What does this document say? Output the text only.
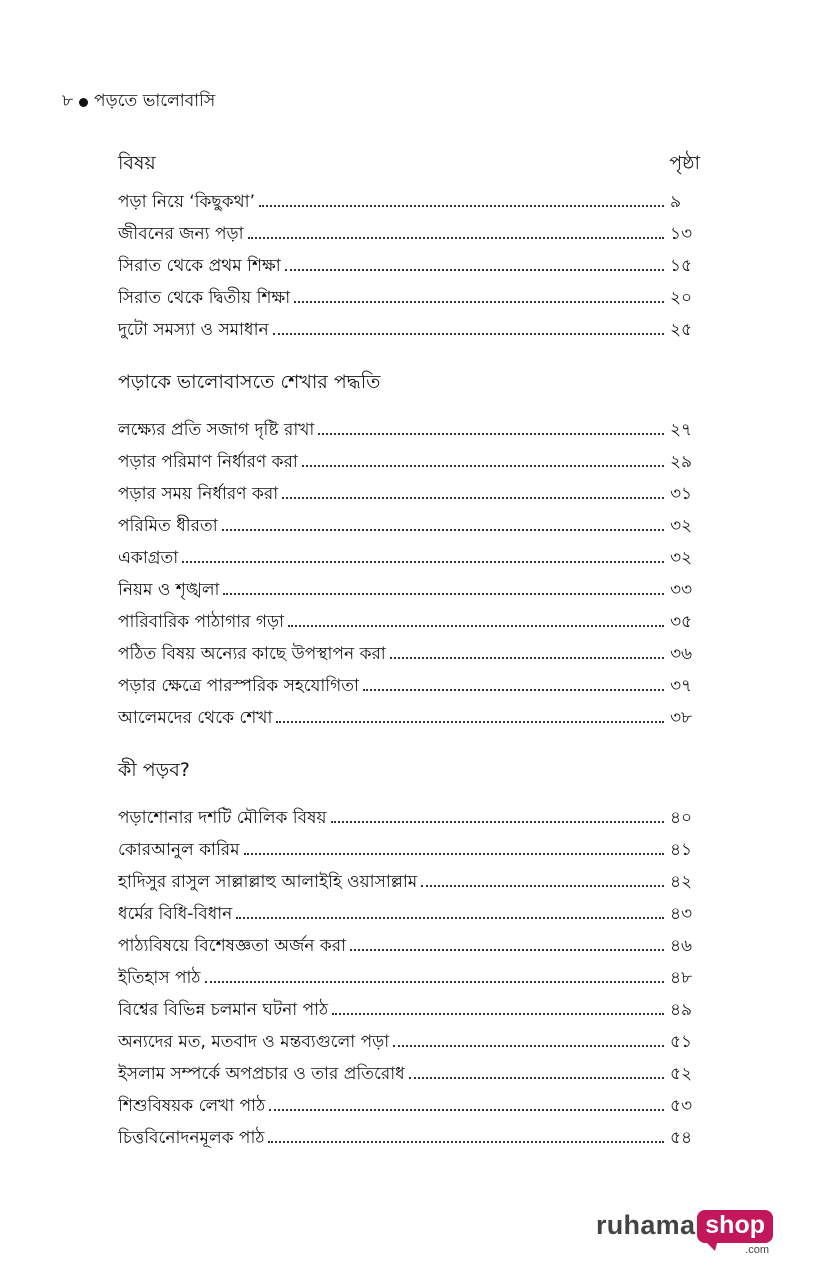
৮ পড়তে ভালোবাসি
বিষয়	পৃষ্ঠা
পড়া নিয়ে ‘কিছুকথা’	৯
জীবনের জন্য পড়া	১৩
সিরাত থেকে প্রথম শিক্ষা	১৫
সিরাত থেকে দ্বিতীয় শিক্ষা	২০
দুটো সমস্যা ও সমাধান	২৫
পড়াকে ভালোবাসতে শেখার পদ্ধতি
লক্ষ্যের প্রতি সজাগ দৃষ্টি রাখা	২৭
পড়ার পরিমাণ নির্ধারণ করা	২৯
পড়ার সময় নির্ধারণ করা	৩১
পরিমিত ধীরতা	৩২
একাগ্রতা	৩২
নিয়ম ও শৃঙ্খলা	৩৩
পারিবারিক পাঠাগার গড়া	৩৫
পঠিত বিষয় অন্যের কাছে উপস্থাপন করা	৩৬
পড়ার ক্ষেত্রে পারস্পরিক সহযোগিতা	৩৭
আলেমদের থেকে শেখা	৩৮
কী পড়ব?
পড়াশোনার দশটি মৌলিক বিষয়	৪০
কোরআনুল কারিম	৪১
হাদিসুর রাসুল সাল্লাল্লাহু আলাইহি ওয়াসাল্লাম	৪২
ধর্মের বিধি-বিধান	৪৩
পাঠ্যবিষয়ে বিশেষজ্ঞতা অর্জন করা	৪৬
ইতিহাস পাঠ	৪৮
বিশ্বের বিভিন্ন চলমান ঘটনা পাঠ	৪৯
অন্যদের মত, মতবাদ ও মন্তব্যগুলো পড়া	৫১
ইসলাম সম্পর্কে অপপ্রচার ও তার প্রতিরোধ	৫২
শিশুবিষয়ক লেখা পাঠ	৫৩
চিত্তবিনোদনমূলক পাঠ	৫৪
ruhama shop
.com
